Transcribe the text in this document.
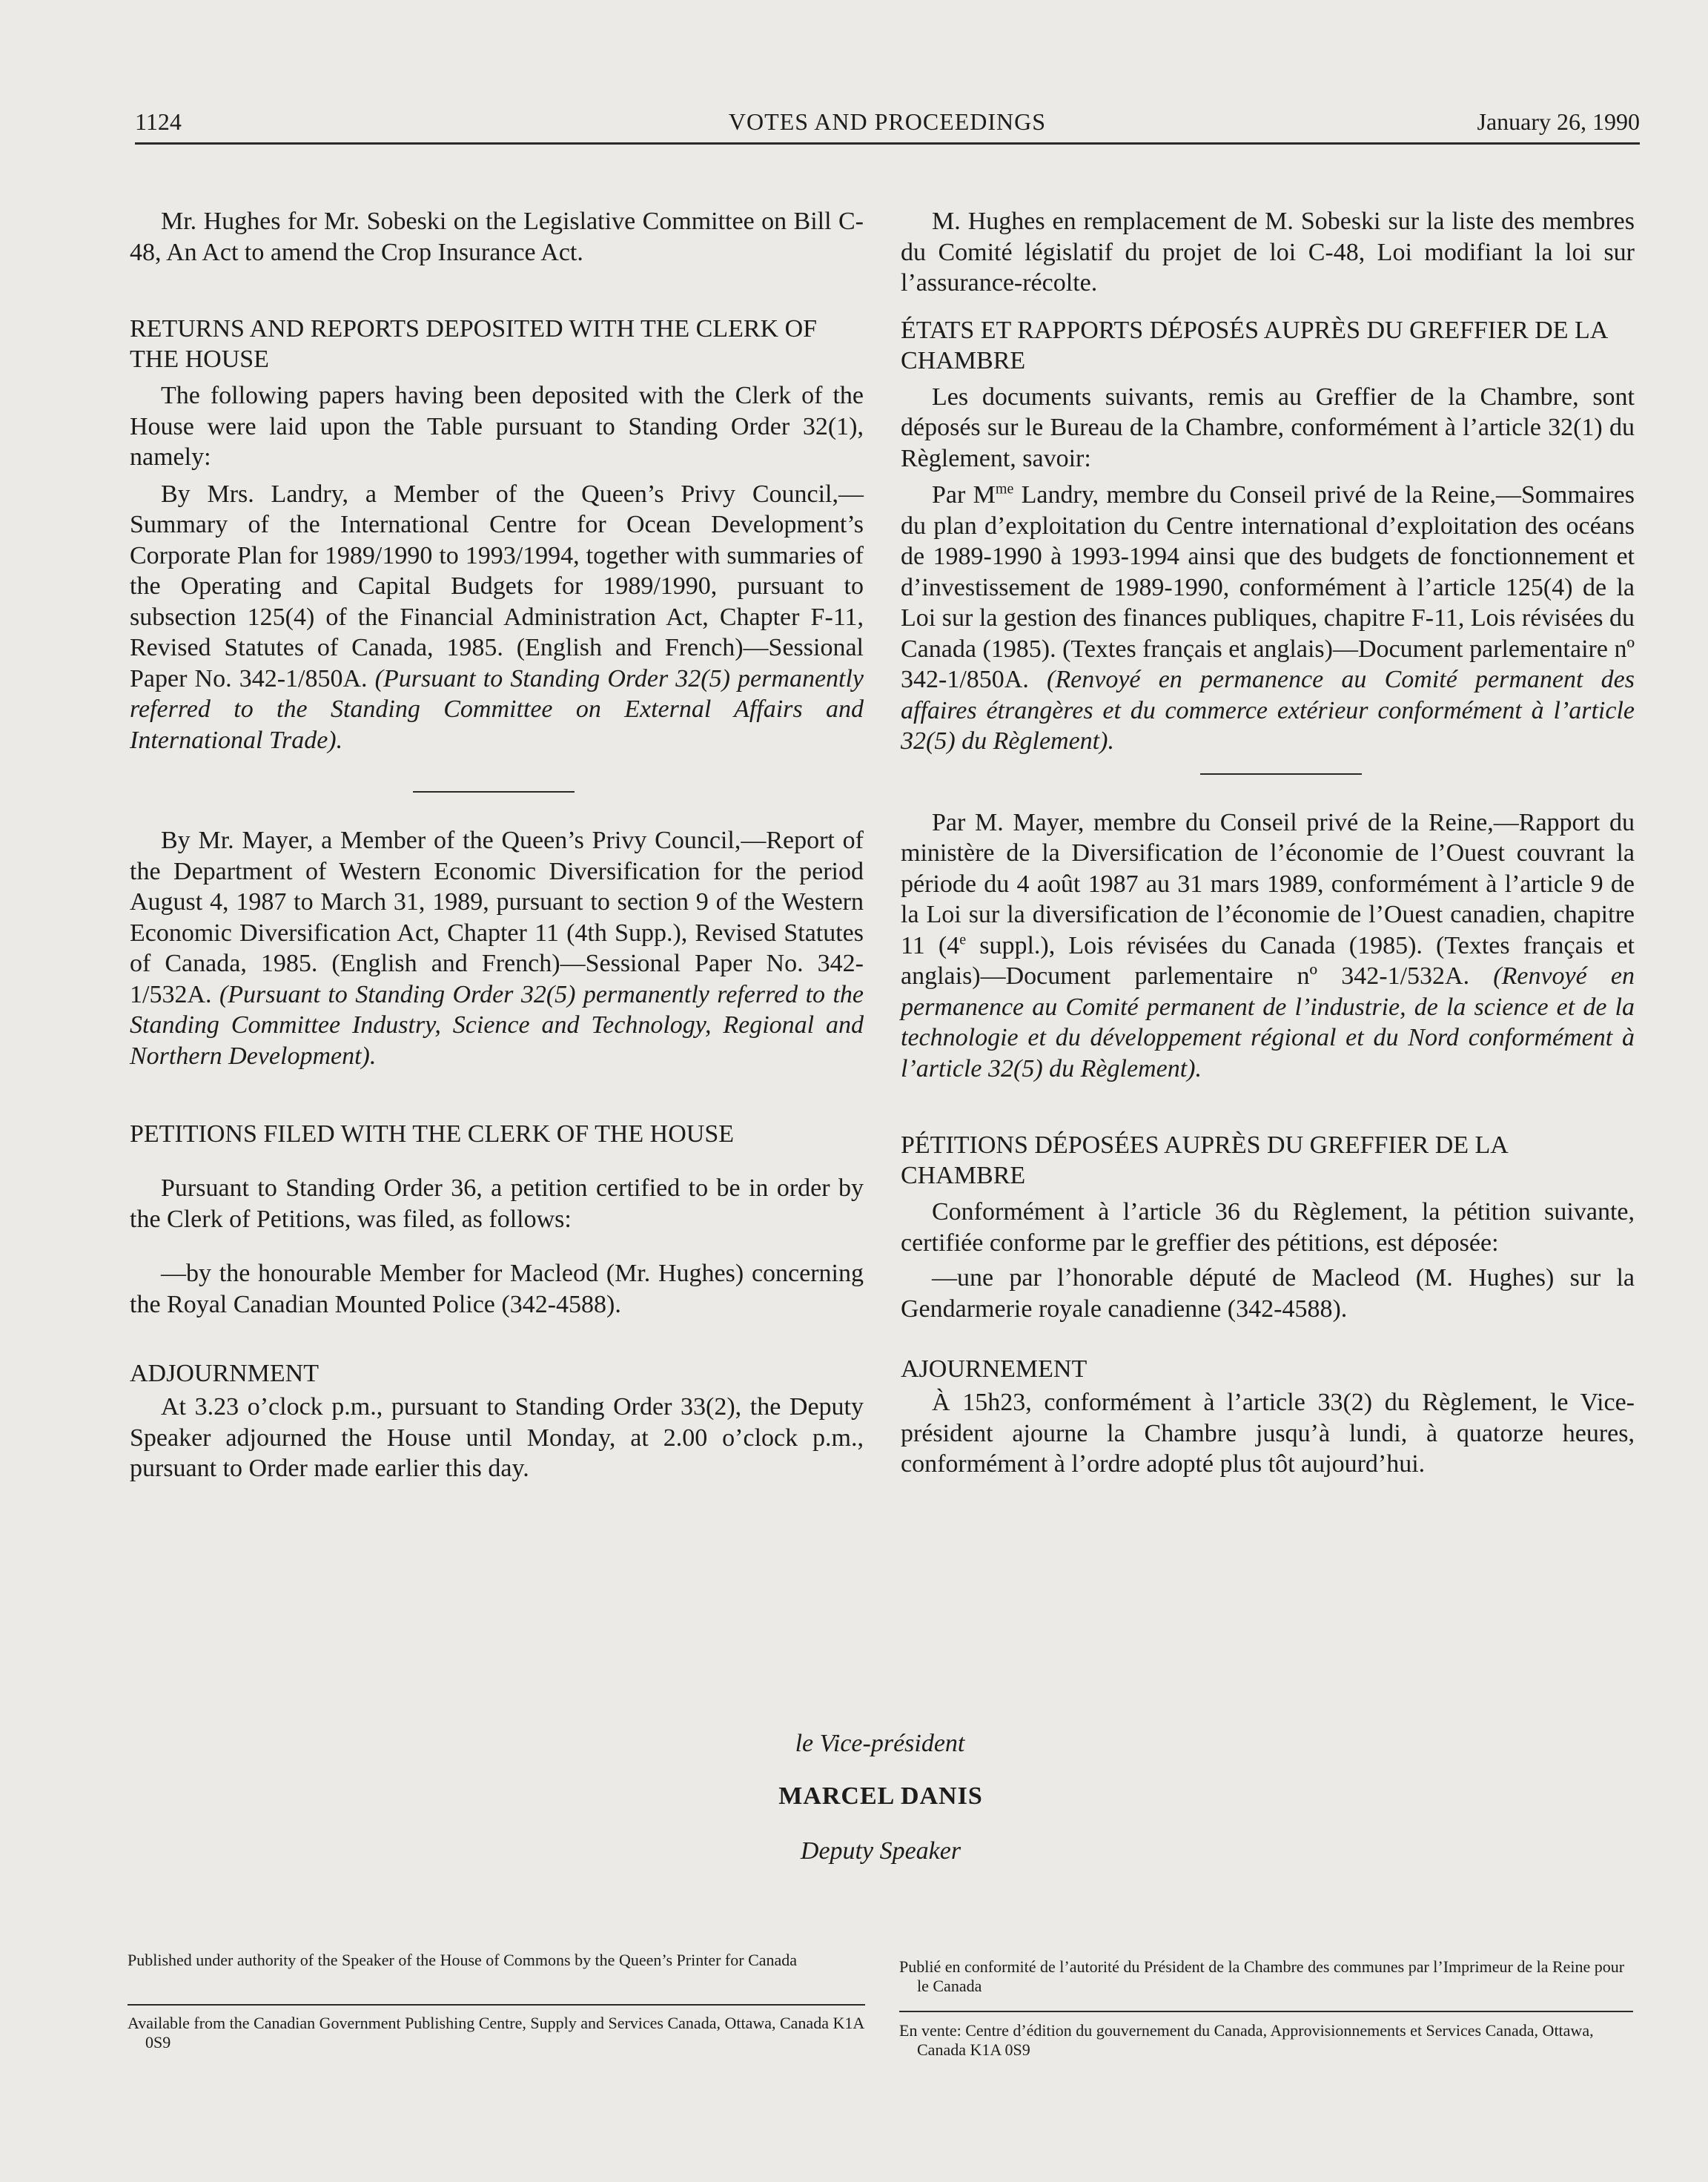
1124	VOTES AND PROCEEDINGS	January 26, 1990

Mr. Hughes for Mr. Sobeski on the Legislative Committee on Bill C-48, An Act to amend the Crop Insurance Act.

RETURNS AND REPORTS DEPOSITED WITH THE CLERK OF THE HOUSE

The following papers having been deposited with the Clerk of the House were laid upon the Table pursuant to Standing Order 32(1), namely:

By Mrs. Landry, a Member of the Queen’s Privy Council,—Summary of the International Centre for Ocean Development’s Corporate Plan for 1989/1990 to 1993/1994, together with summaries of the Operating and Capital Budgets for 1989/1990, pursuant to subsection 125(4) of the Financial Administration Act, Chapter F-11, Revised Statutes of Canada, 1985. (English and French)—Sessional Paper No. 342-1/850A. (Pursuant to Standing Order 32(5) permanently referred to the Standing Committee on External Affairs and International Trade).

By Mr. Mayer, a Member of the Queen’s Privy Council,—Report of the Department of Western Economic Diversification for the period August 4, 1987 to March 31, 1989, pursuant to section 9 of the Western Economic Diversification Act, Chapter 11 (4th Supp.), Revised Statutes of Canada, 1985. (English and French)—Sessional Paper No. 342-1/532A. (Pursuant to Standing Order 32(5) permanently referred to the Standing Committee Industry, Science and Technology, Regional and Northern Development).

PETITIONS FILED WITH THE CLERK OF THE HOUSE

Pursuant to Standing Order 36, a petition certified to be in order by the Clerk of Petitions, was filed, as follows:

—by the honourable Member for Macleod (Mr. Hughes) concerning the Royal Canadian Mounted Police (342-4588).

ADJOURNMENT

At 3.23 o’clock p.m., pursuant to Standing Order 33(2), the Deputy Speaker adjourned the House until Monday, at 2.00 o’clock p.m., pursuant to Order made earlier this day.

M. Hughes en remplacement de M. Sobeski sur la liste des membres du Comité législatif du projet de loi C-48, Loi modifiant la loi sur l’assurance-récolte.

ÉTATS ET RAPPORTS DÉPOSÉS AUPRÈS DU GREFFIER DE LA CHAMBRE

Les documents suivants, remis au Greffier de la Chambre, sont déposés sur le Bureau de la Chambre, conformément à l’article 32(1) du Règlement, savoir:

Par $M^{me}$ Landry, membre du Conseil privé de la Reine,—Sommaires du plan d’exploitation du Centre international d’exploitation des océans de 1989-1990 à 1993-1994 ainsi que des budgets de fonctionnement et d’investissement de 1989-1990, conformément à l’article 125(4) de la Loi sur la gestion des finances publiques, chapitre F-11, Lois révisées du Canada (1985). (Textes français et anglais)—Document parlementaire nº 342-1/850A. (Renvoyé en permanence au Comité permanent des affaires étrangères et du commerce extérieur conformément à l’article 32(5) du Règlement).

Par M. Mayer, membre du Conseil privé de la Reine,—Rapport du ministère de la Diversification de l’économie de l’Ouest couvrant la période du 4 août 1987 au 31 mars 1989, conformément à l’article 9 de la Loi sur la diversification de l’économie de l’Ouest canadien, chapitre 11 (4e suppl.), Lois révisées du Canada (1985). (Textes français et anglais)—Document parlementaire nº 342-1/532A. (Renvoyé en permanence au Comité permanent de l’industrie, de la science et de la technologie et du développement régional et du Nord conformément à l’article 32(5) du Règlement).

PÉTITIONS DÉPOSÉES AUPRÈS DU GREFFIER DE LA CHAMBRE

Conformément à l’article 36 du Règlement, la pétition suivante, certifiée conforme par le greffier des pétitions, est déposée:

—une par l’honorable député de Macleod (M. Hughes) sur la Gendarmerie royale canadienne (342-4588).

AJOURNEMENT

À 15h23, conformément à l’article 33(2) du Règlement, le Vice-président ajourne la Chambre jusqu’à lundi, à quatorze heures, conformément à l’ordre adopté plus tôt aujourd’hui.

le Vice-président
MARCEL DANIS
Deputy Speaker
Published under authority of the Speaker of the House of Commons by the Queen’s Printer for Canada
Available from the Canadian Government Publishing Centre, Supply and Services Canada, Ottawa, Canada K1A 0S9
Publié en conformité de l’autorité du Président de la Chambre des communes par l’Imprimeur de la Reine pour le Canada
En vente: Centre d’édition du gouvernement du Canada, Approvisionnements et Services Canada, Ottawa, Canada K1A 0S9
